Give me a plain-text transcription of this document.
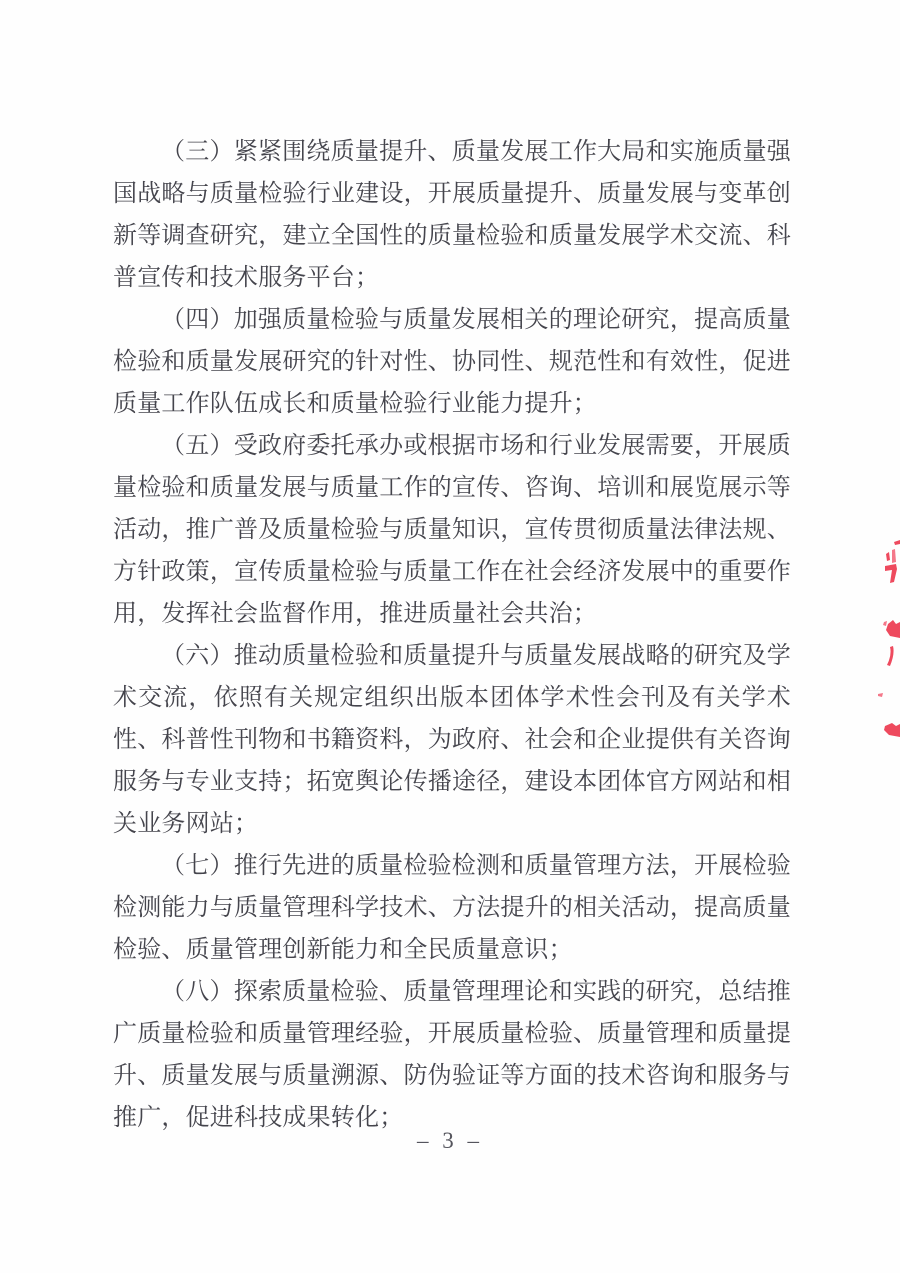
（三）紧紧围绕质量提升、质量发展工作大局和实施质量强国战略与质量检验行业建设，开展质量提升、质量发展与变革创新等调查研究，建立全国性的质量检验和质量发展学术交流、科普宣传和技术服务平台；

（四）加强质量检验与质量发展相关的理论研究，提高质量检验和质量发展研究的针对性、协同性、规范性和有效性，促进质量工作队伍成长和质量检验行业能力提升；

（五）受政府委托承办或根据市场和行业发展需要，开展质量检验和质量发展与质量工作的宣传、咨询、培训和展览展示等活动，推广普及质量检验与质量知识，宣传贯彻质量法律法规、方针政策，宣传质量检验与质量工作在社会经济发展中的重要作用，发挥社会监督作用，推进质量社会共治；

（六）推动质量检验和质量提升与质量发展战略的研究及学术交流，依照有关规定组织出版本团体学术性会刊及有关学术性、科普性刊物和书籍资料，为政府、社会和企业提供有关咨询服务与专业支持；拓宽舆论传播途径，建设本团体官方网站和相关业务网站；

（七）推行先进的质量检验检测和质量管理方法，开展检验检测能力与质量管理科学技术、方法提升的相关活动，提高质量检验、质量管理创新能力和全民质量意识；

（八）探索质量检验、质量管理理论和实践的研究，总结推广质量检验和质量管理经验，开展质量检验、质量管理和质量提升、质量发展与质量溯源、防伪验证等方面的技术咨询和服务与推广，促进科技成果转化；

– 3 –
